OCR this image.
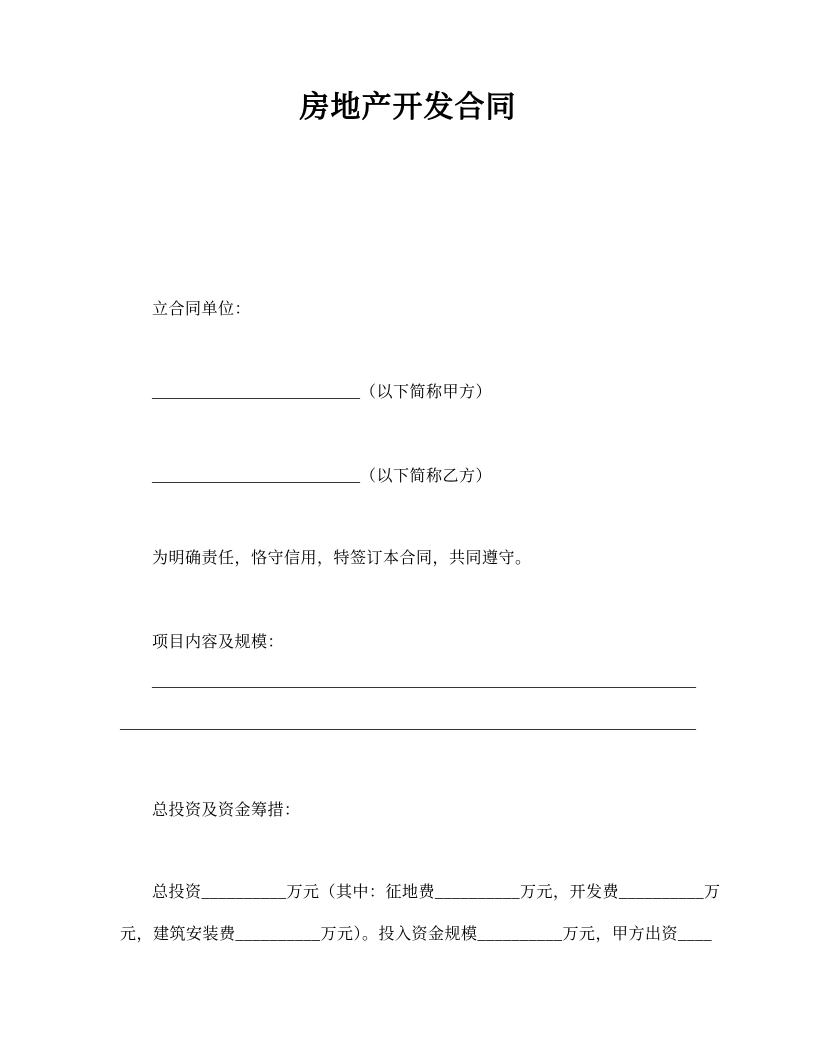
房地产开发合同
立合同单位：
__________________________（以下简称甲方）
__________________________（以下简称乙方）
为明确责任，恪守信用，特签订本合同，共同遵守。
项目内容及规模：
____________________________________________________________________
________________________________________________________________________
总投资及资金筹措：
总投资__________万元（其中：征地费__________万元，开发费__________万
元，建筑安装费__________万元）。投入资金规模__________万元，甲方出资____
